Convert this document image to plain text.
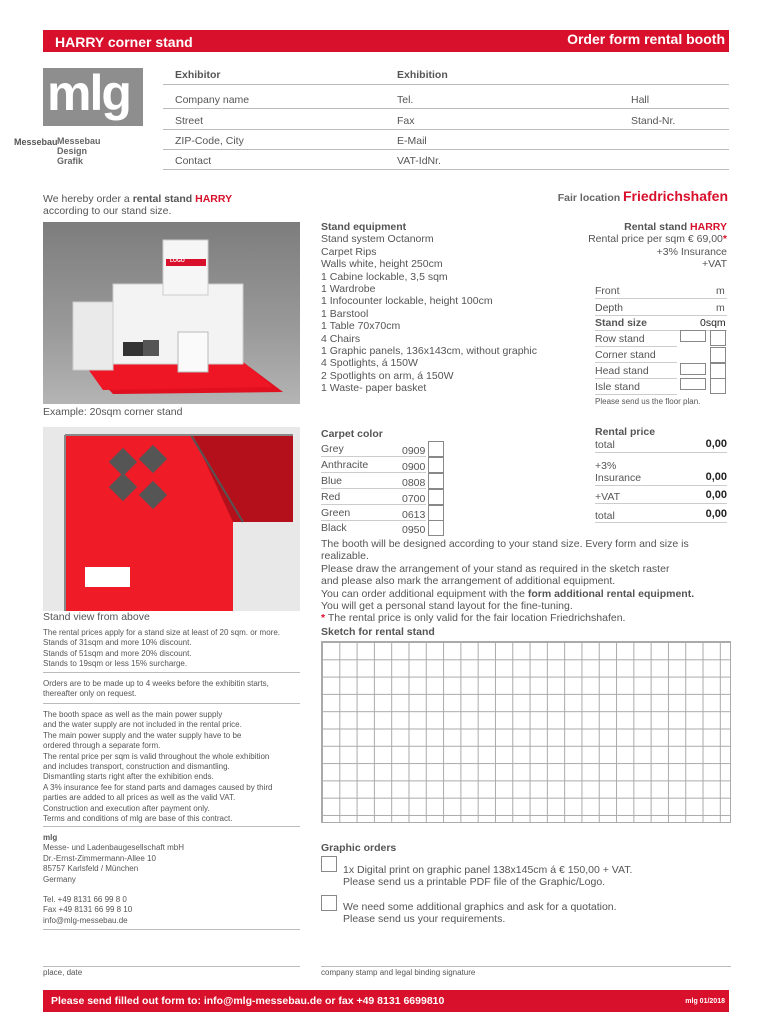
HARRY corner stand	Order form rental booth
mlg
Messebau Messebau
Design
Grafik
Exhibitor	Exhibition
Company name	Tel.	Hall
Street	Fax	Stand-Nr.
ZIP-Code, City	E-Mail
Contact	VAT-IdNr.
We hereby order a rental stand HARRY
according to our stand size.
Fair location Friedrichshafen
LOGO
Example: 20sqm corner stand
Stand view from above
Stand equipment
Stand system Octanorm
Carpet Rips
Walls white, height 250cm
1 Cabine lockable, 3,5 sqm
1 Wardrobe
1 Infocounter lockable, height 100cm
1 Barstool
1 Table 70x70cm
4 Chairs
1 Graphic panels, 136x143cm, without graphic
4 Spotlights, á 150W
2 Spotlights on arm, á 150W
1 Waste- paper basket
Rental stand HARRY
Rental price per sqm € 69,00*
+3% Insurance
+VAT
Front	m
Depth	m
Stand size	0sqm
Row stand
Corner stand
Head stand
Isle stand
Please send us the floor plan.
Carpet color
Grey	0909
Anthracite	0900
Blue	0808
Red	0700
Green	0613
Black	0950
Rental price
total	0,00
+3%
Insurance	0,00
+VAT	0,00
total	0,00
The booth will be designed according to your stand size. Every form and size is realizable.
Please draw the arrangement of your stand as required in the sketch raster
and please also mark the arrangement of additional equipment.
You can order additional equipment with the form additional rental equipment.
You will get a personal stand layout for the fine-tuning.
* The rental price is only valid for the fair location Friedrichshafen.
Sketch for rental stand
The rental prices apply for a stand size at least of 20 sqm. or more.
Stands of 31sqm and more 10% discount.
Stands of 51sqm and more 20% discount.
Stands to 19sqm or less 15% surcharge.
Orders are to be made up to 4 weeks before the exhibitin starts,
thereafter only on request.
The booth space as well as the main power supply
and the water supply are not included in the rental price.
The main power supply and the water supply have to be
ordered through a separate form.
The rental price per sqm is valid throughout the whole exhibition
and includes transport, construction and dismantling.
Dismantling starts right after the exhibition ends.
A 3% insurance fee for stand parts and damages caused by third
parties are added to all prices as well as the valid VAT.
Construction and execution after payment only.
Terms and conditions of mlg are base of this contract.
mlg
Messe- und Ladenbaugesellschaft mbH
Dr.-Ernst-Zimmermann-Allee 10
85757 Karlsfeld / München
Germany
Tel. +49 8131 66 99 8 0
Fax +49 8131 66 99 8 10
info@mlg-messebau.de
Graphic orders
1x Digital print on graphic panel 138x145cm á € 150,00 + VAT.
Please send us a printable PDF file of the Graphic/Logo.
We need some additional graphics and ask for a quotation.
Please send us your requirements.
place, date	company stamp and legal binding signature
Please send filled out form to: info@mlg-messebau.de or fax +49 8131 6699810	mlg 01/2018
